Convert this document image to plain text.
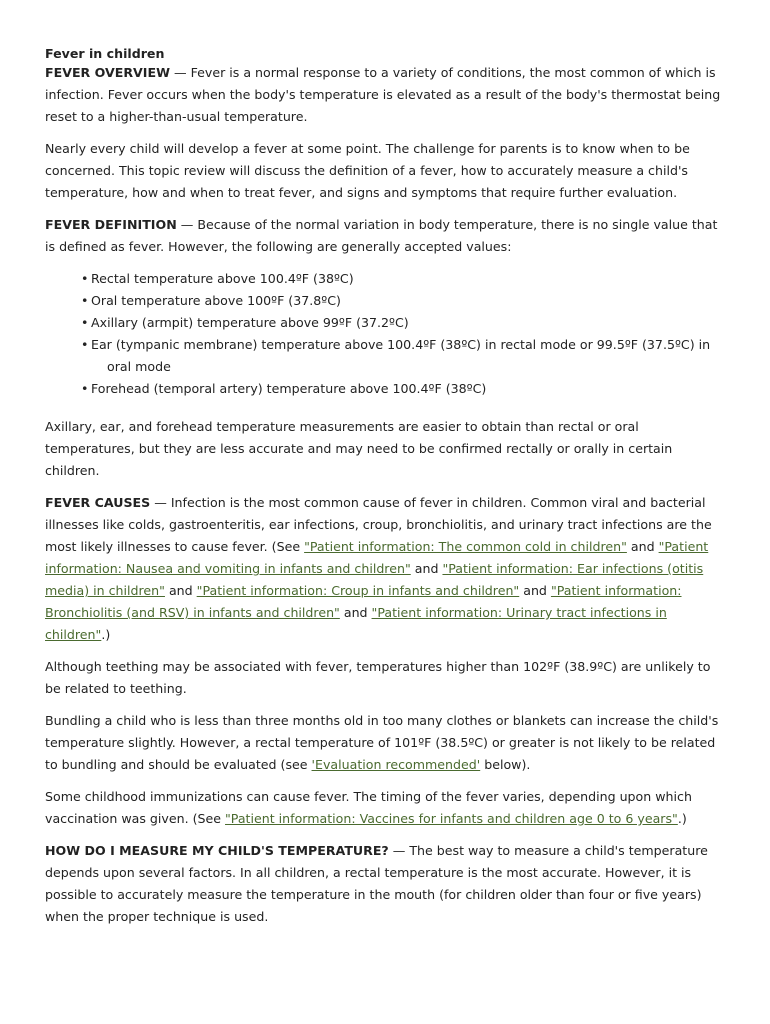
Fever in children

FEVER OVERVIEW — Fever is a normal response to a variety of conditions, the most common of which is infection. Fever occurs when the body's temperature is elevated as a result of the body's thermostat being reset to a higher-than-usual temperature.

Nearly every child will develop a fever at some point. The challenge for parents is to know when to be concerned. This topic review will discuss the definition of a fever, how to accurately measure a child's temperature, how and when to treat fever, and signs and symptoms that require further evaluation.

FEVER DEFINITION — Because of the normal variation in body temperature, there is no single value that is defined as fever. However, the following are generally accepted values:

• Rectal temperature above 100.4ºF (38ºC)
• Oral temperature above 100ºF (37.8ºC)
• Axillary (armpit) temperature above 99ºF (37.2ºC)
• Ear (tympanic membrane) temperature above 100.4ºF (38ºC) in rectal mode or 99.5ºF (37.5ºC) in
oral mode
• Forehead (temporal artery) temperature above 100.4ºF (38ºC)

Axillary, ear, and forehead temperature measurements are easier to obtain than rectal or oral temperatures, but they are less accurate and may need to be confirmed rectally or orally in certain children.

FEVER CAUSES — Infection is the most common cause of fever in children. Common viral and bacterial illnesses like colds, gastroenteritis, ear infections, croup, bronchiolitis, and urinary tract infections are the most likely illnesses to cause fever. (See "Patient information: The common cold in children" and "Patient information: Nausea and vomiting in infants and children" and "Patient information: Ear infections (otitis media) in children" and "Patient information: Croup in infants and children" and "Patient information: Bronchiolitis (and RSV) in infants and children" and "Patient information: Urinary tract infections in children".)

Although teething may be associated with fever, temperatures higher than 102ºF (38.9ºC) are unlikely to be related to teething.

Bundling a child who is less than three months old in too many clothes or blankets can increase the child's temperature slightly. However, a rectal temperature of 101ºF (38.5ºC) or greater is not likely to be related to bundling and should be evaluated (see 'Evaluation recommended' below).

Some childhood immunizations can cause fever. The timing of the fever varies, depending upon which vaccination was given. (See "Patient information: Vaccines for infants and children age 0 to 6 years".)

HOW DO I MEASURE MY CHILD'S TEMPERATURE? — The best way to measure a child's temperature depends upon several factors. In all children, a rectal temperature is the most accurate. However, it is possible to accurately measure the temperature in the mouth (for children older than four or five years) when the proper technique is used.
